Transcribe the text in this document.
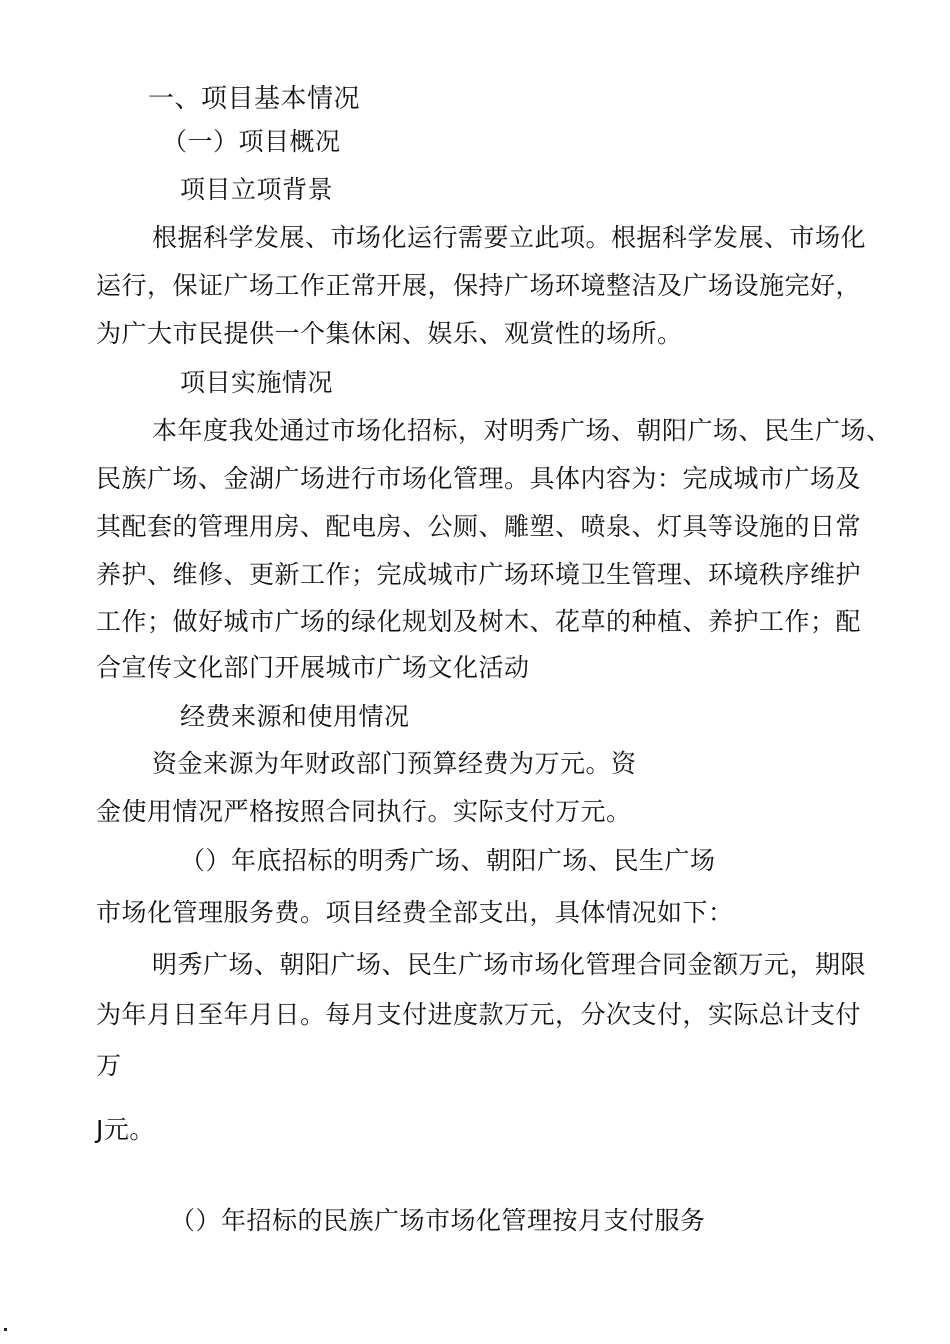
一、项目基本情况
（一）项目概况
项目立项背景
根据科学发展、市场化运行需要立此项。根据科学发展、市场化
运行，保证广场工作正常开展，保持广场环境整洁及广场设施完好，
为广大市民提供一个集休闲、娱乐、观赏性的场所。
项目实施情况
本年度我处通过市场化招标，对明秀广场、朝阳广场、民生广场、
民族广场、金湖广场进行市场化管理。具体内容为：完成城市广场及
其配套的管理用房、配电房、公厕、雕塑、喷泉、灯具等设施的日常
养护、维修、更新工作；完成城市广场环境卫生管理、环境秩序维护
工作；做好城市广场的绿化规划及树木、花草的种植、养护工作；配
合宣传文化部门开展城市广场文化活动
经费来源和使用情况
资金来源为年财政部门预算经费为万元。资
金使用情况严格按照合同执行。实际支付万元。
（）年底招标的明秀广场、朝阳广场、民生广场
市场化管理服务费。项目经费全部支出，具体情况如下：
明秀广场、朝阳广场、民生广场市场化管理合同金额万元，期限
为年月日至年月日。每月支付进度款万元，分次支付，实际总计支付
万
J元。
（）年招标的民族广场市场化管理按月支付服务
